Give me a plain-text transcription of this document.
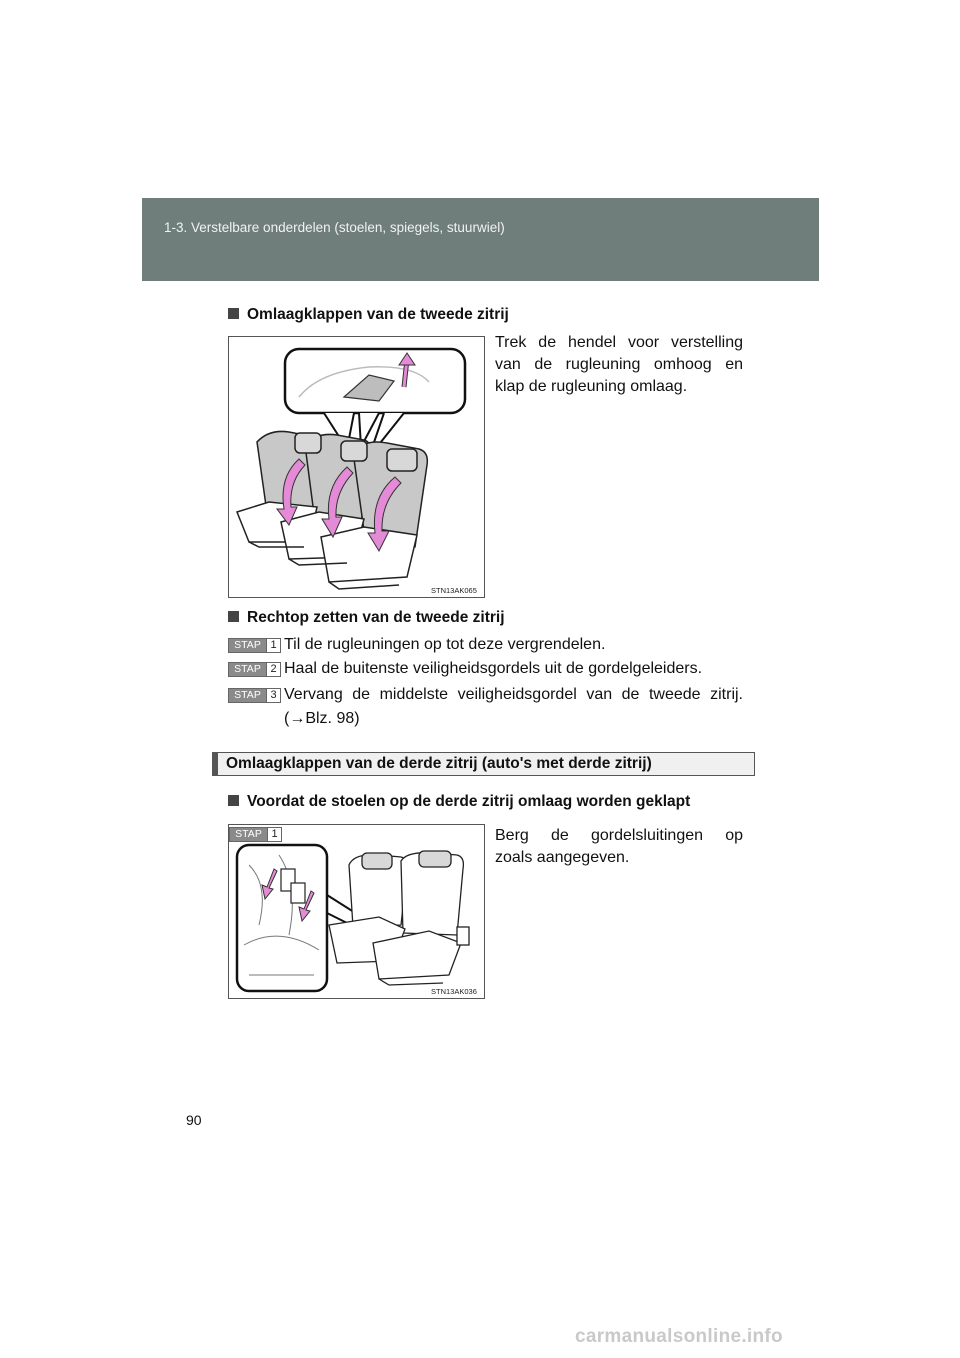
1-3. Verstelbare onderdelen (stoelen, spiegels, stuurwiel)
Omlaagklappen van de tweede zitrij
STN13AK065
Trek de hendel voor verstelling
van de rugleuning omhoog en
klap de rugleuning omlaag.
Rechtop zetten van de tweede zitrij
STAP 1 Til de rugleuningen op tot deze vergrendelen.
STAP 2 Haal de buitenste veiligheidsgordels uit de gordelgeleiders.
STAP 3 Vervang de middelste veiligheidsgordel van de tweede zitrij.
(→Blz. 98)
Omlaagklappen van de derde zitrij (auto's met derde zitrij)
Voordat de stoelen op de derde zitrij omlaag worden geklapt
STAP 1
STN13AK036
Berg de gordelsluitingen op
zoals aangegeven.
90
carmanualsonline.info
